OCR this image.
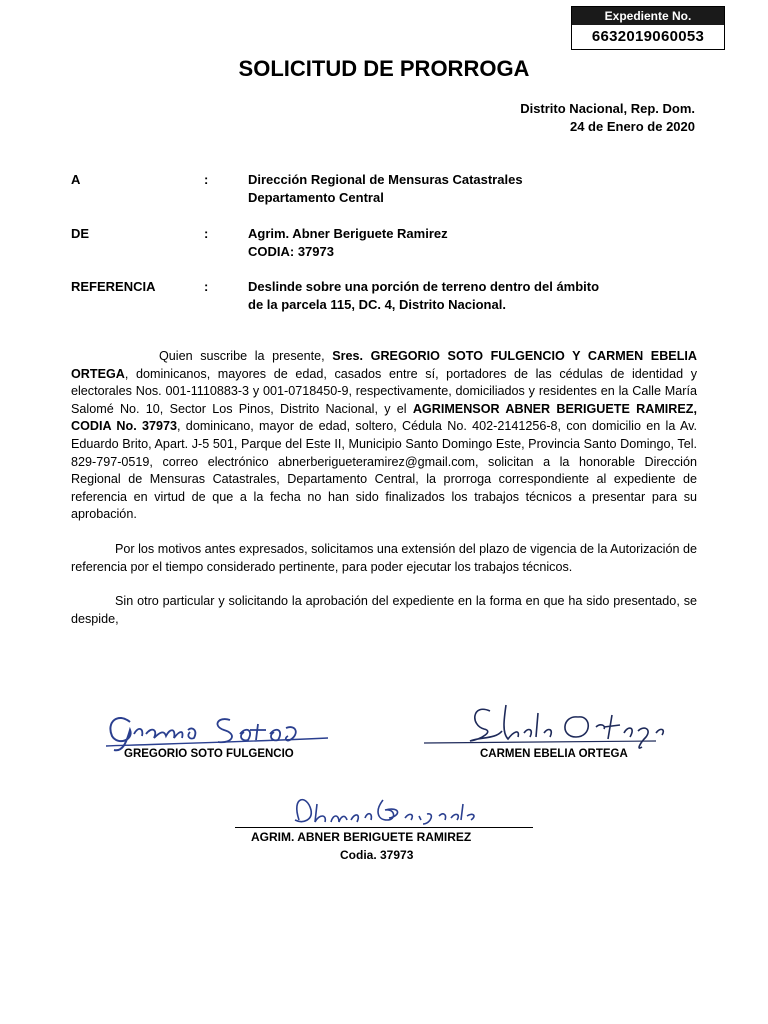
Expediente No.
6632019060053
SOLICITUD DE PRORROGA
Distrito Nacional, Rep. Dom.
24 de Enero de 2020
A	:	Dirección Regional de Mensuras Catastrales
Departamento Central
DE	:	Agrim. Abner Beriguete Ramirez
CODIA: 37973
REFERENCIA	:	Deslinde sobre una porción de terreno dentro del ámbito
de la parcela 115, DC. 4, Distrito Nacional.

Quien suscribe la presente, Sres. GREGORIO SOTO FULGENCIO Y CARMEN EBELIA ORTEGA, dominicanos, mayores de edad, casados entre sí, portadores de las cédulas de identidad y electorales Nos. 001-1110883-3 y 001-0718450-9, respectivamente, domiciliados y residentes en la Calle María Salomé No. 10, Sector Los Pinos, Distrito Nacional, y el AGRIMENSOR ABNER BERIGUETE RAMIREZ, CODIA No. 37973, dominicano, mayor de edad, soltero, Cédula No. 402-2141256-8, con domicilio en la Av. Eduardo Brito, Apart. J-5 501, Parque del Este II, Municipio Santo Domingo Este, Provincia Santo Domingo, Tel. 829-797-0519, correo electrónico abnerberigueteramirez@gmail.com, solicitan a la honorable Dirección Regional de Mensuras Catastrales, Departamento Central, la prorroga correspondiente al expediente de referencia en virtud de que a la fecha no han sido finalizados los trabajos técnicos a presentar para su aprobación.

Por los motivos antes expresados, solicitamos una extensión del plazo de vigencia de la Autorización de referencia por el tiempo considerado pertinente, para poder ejecutar los trabajos técnicos.

Sin otro particular y solicitando la aprobación del expediente en la forma en que ha sido presentado, se despide,

GREGORIO SOTO FULGENCIO	CARMEN EBELIA ORTEGA
AGRIM. ABNER BERIGUETE RAMIREZ
Codia. 37973
